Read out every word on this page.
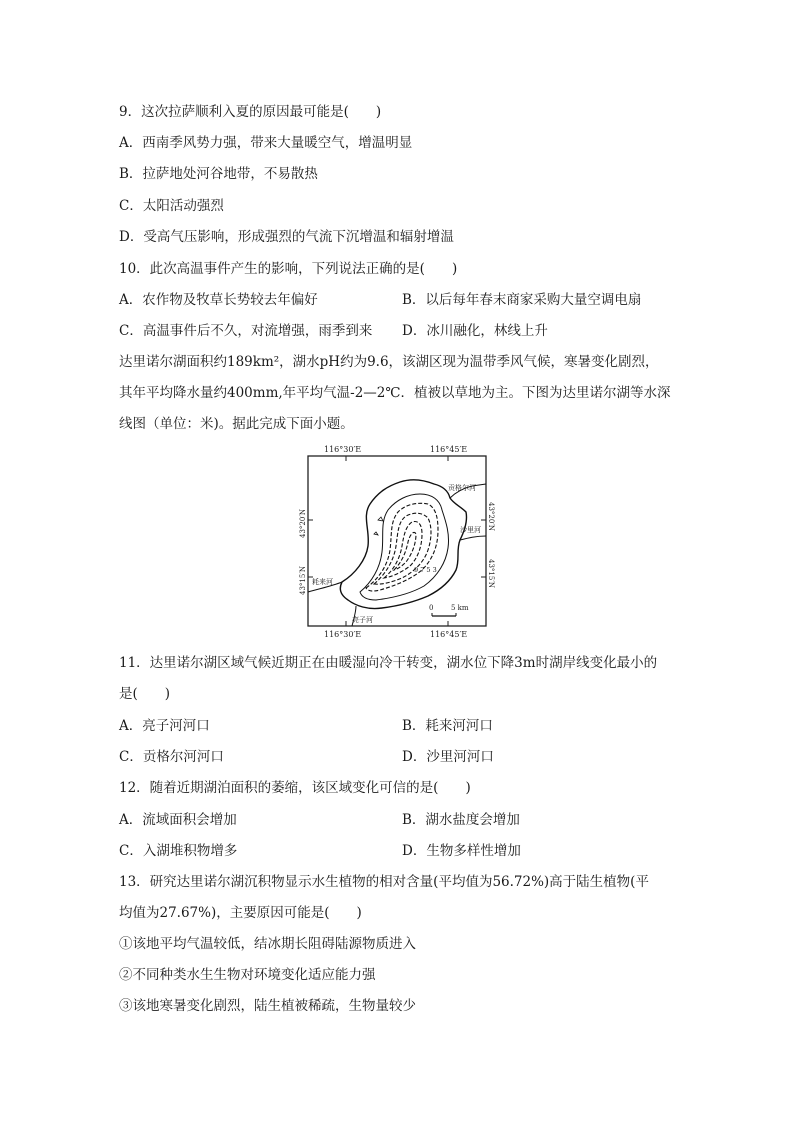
9．这次拉萨顺利入夏的原因最可能是(　　)
A．西南季风势力强，带来大量暖空气，增温明显
B．拉萨地处河谷地带，不易散热
C．太阳活动强烈
D．受高气压影响，形成强烈的气流下沉增温和辐射增温
10．此次高温事件产生的影响，下列说法正确的是(　　)
A．农作物及牧草长势较去年偏好	B．以后每年春末商家采购大量空调电扇
C．高温事件后不久，对流增强，雨季到来 D．冰川融化，林线上升
达里诺尔湖面积约189km²，湖水pH约为9.6，该湖区现为温带季风气候，寒暑变化剧烈，
其年平均降水量约400mm,年平均气温-2—2℃．植被以草地为主。下图为达里诺尔湖等水深
线图（单位：米)。据此完成下面小题。
116°30′E	116°45′E
116°30′E	116°45′E
43°20′N
43°15′N
43°20′N
43°15′N
9 7 5 3
贡格尔河
沙里河
耗来河
亮子河
0	5 km
11．达里诺尔湖区域气候近期正在由暖湿向冷干转变，湖水位下降3m时湖岸线变化最小的
是(　　)
A．亮子河河口	B．耗来河河口
C．贡格尔河河口	D．沙里河河口
12．随着近期湖泊面积的萎缩，该区域变化可信的是(　　)
A．流域面积会增加	B．湖水盐度会增加
C．入湖堆积物增多	D．生物多样性增加
13．研究达里诺尔湖沉积物显示水生植物的相对含量(平均值为56.72%)高于陆生植物(平
均值为27.67%)，主要原因可能是(　　)
①该地平均气温较低，结冰期长阻碍陆源物质进入
②不同种类水生生物对环境变化适应能力强
③该地寒暑变化剧烈，陆生植被稀疏，生物量较少
